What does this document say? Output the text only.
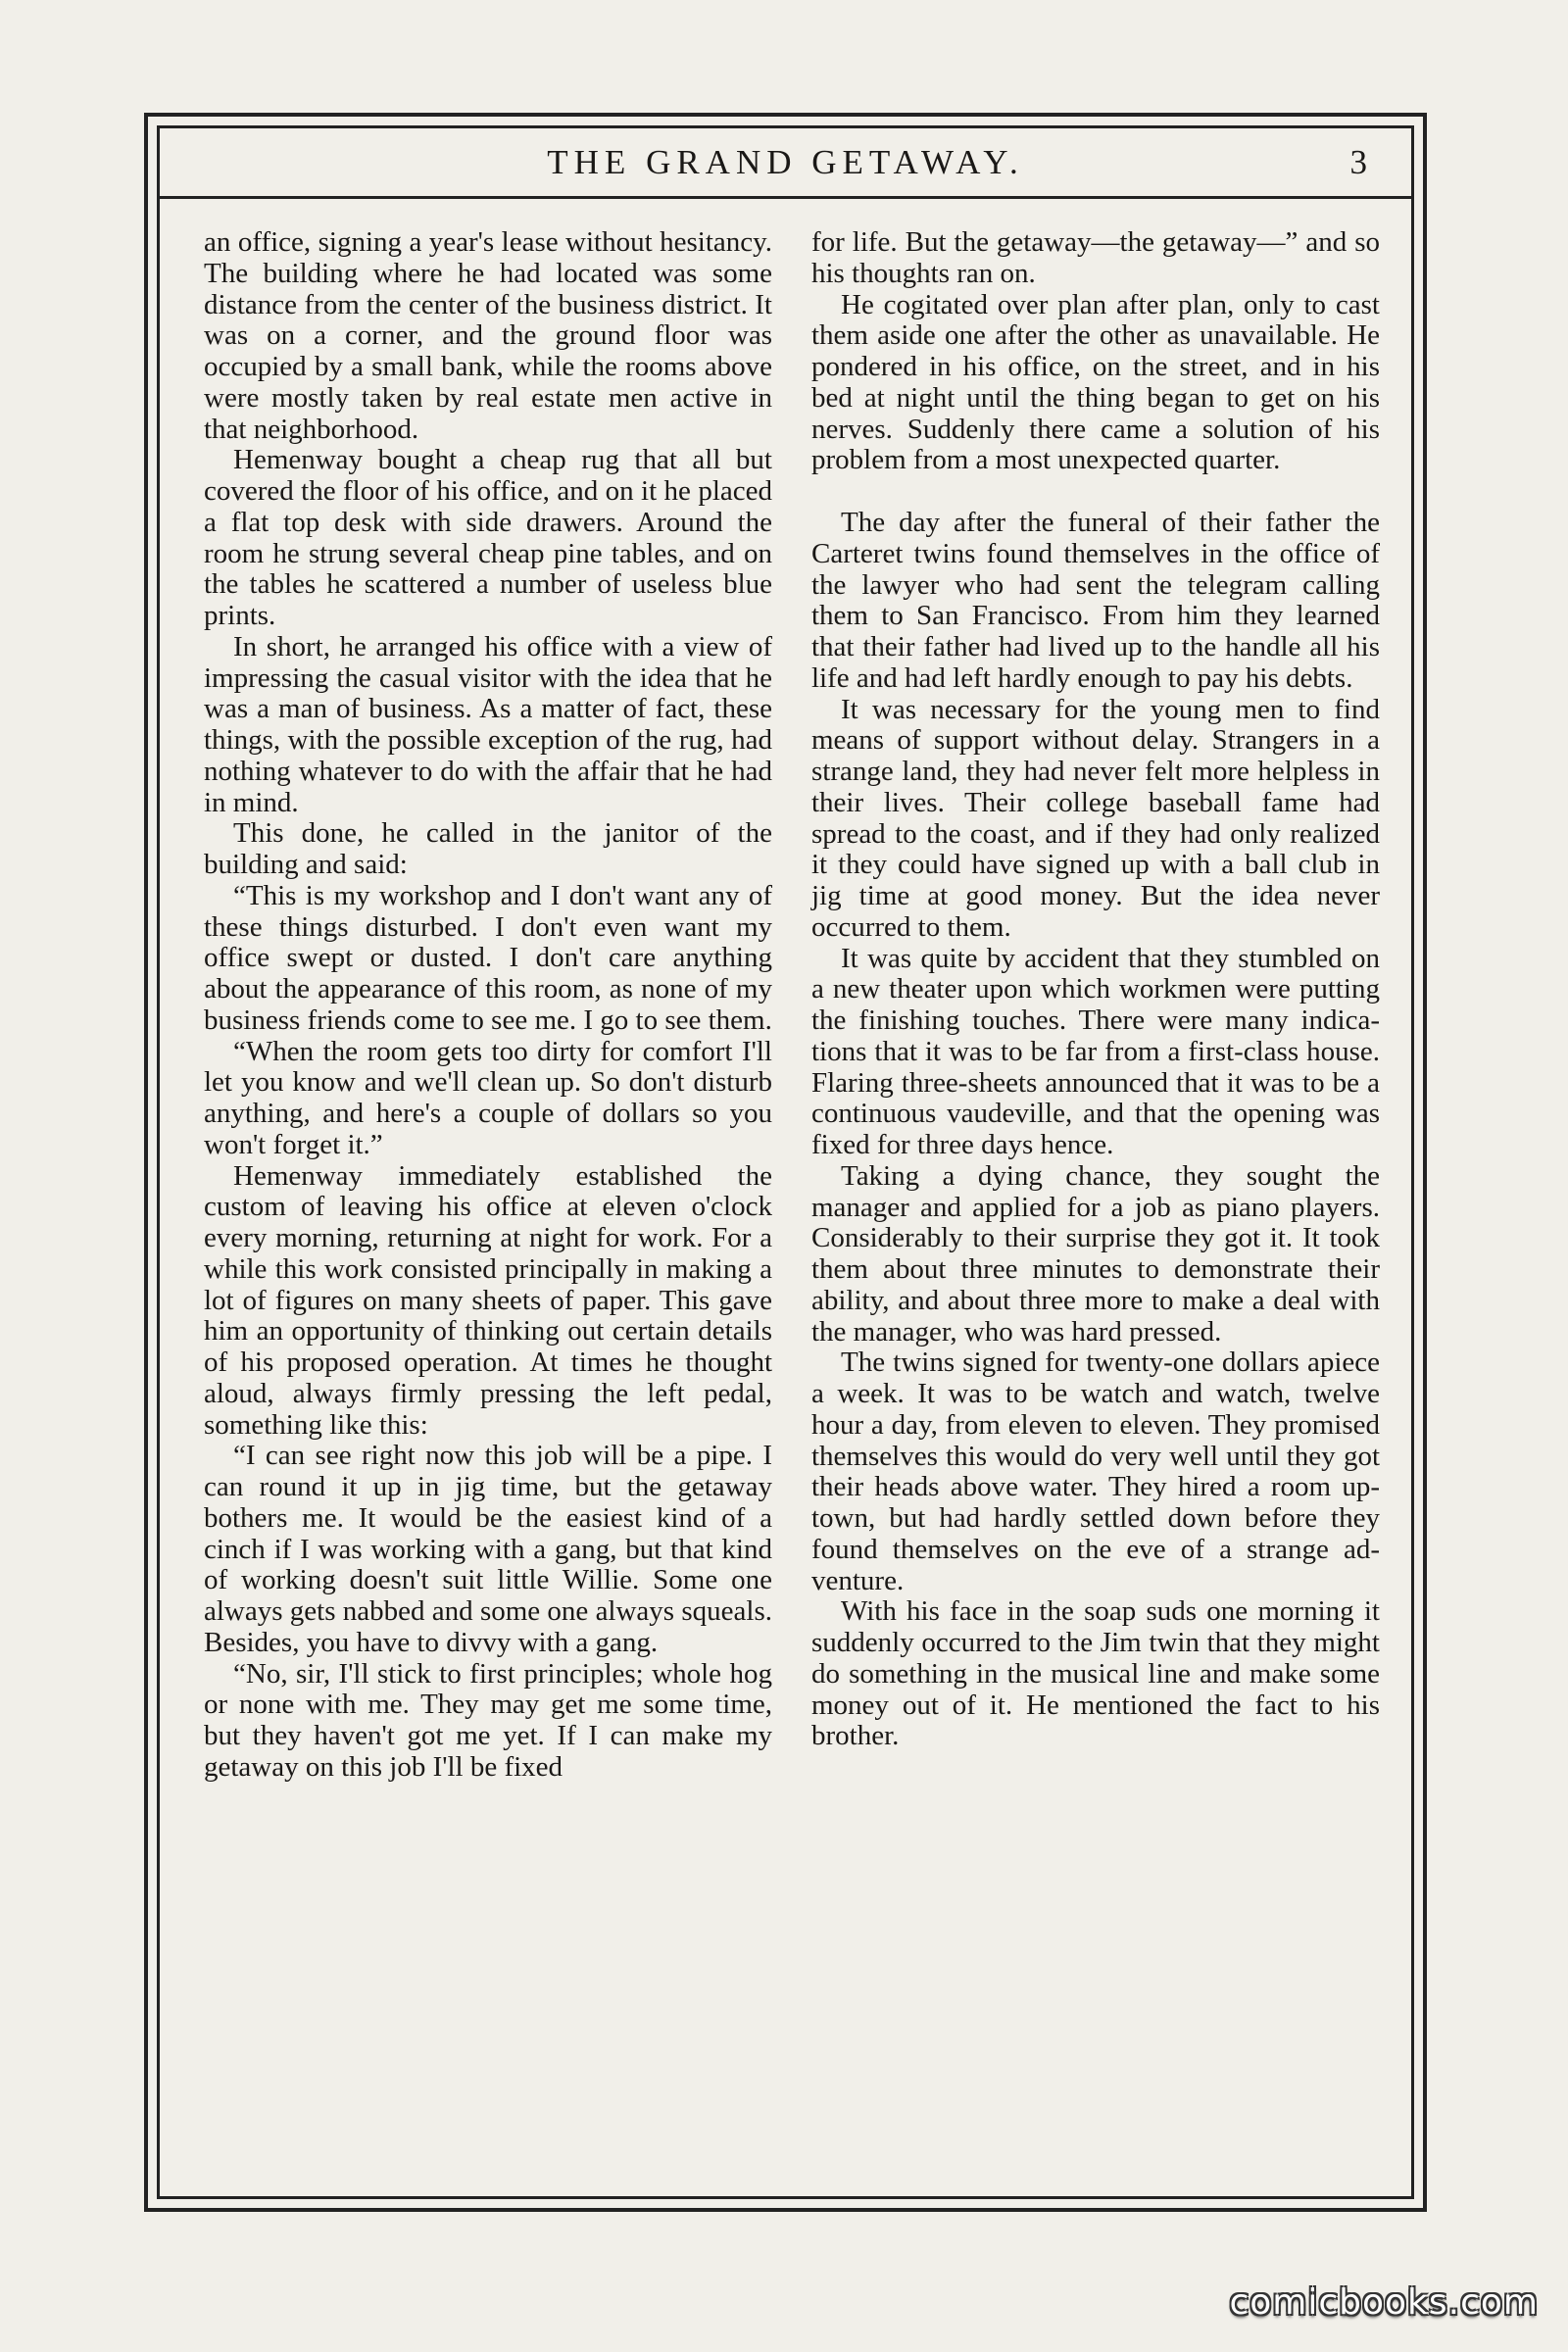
THE GRAND GETAWAY.	3

an office, signing a year's lease without hesitancy. The building where he had located was some distance from the center of the business district. It was on a corner, and the ground floor was occupied by a small bank, while the rooms above were mostly taken by real estate men active in that neighborhood.

Hemenway bought a cheap rug that all but covered the floor of his office, and on it he placed a flat top desk with side drawers. Around the room he strung several cheap pine tables, and on the tables he scattered a number of useless blue prints.

In short, he arranged his office with a view of impressing the casual visitor with the idea that he was a man of business. As a matter of fact, these things, with the possible exception of the rug, had nothing whatever to do with the affair that he had in mind.

This done, he called in the janitor of the building and said:

“This is my workshop and I don't want any of these things disturbed. I don't even want my office swept or dusted. I don't care anything about the appearance of this room, as none of my business friends come to see me. I go to see them.

“When the room gets too dirty for comfort I'll let you know and we'll clean up. So don't disturb anything, and here's a couple of dollars so you won't forget it.”

Hemenway immediately established the custom of leaving his office at eleven o'clock every morning, returning at night for work. For a while this work consisted principally in making a lot of figures on many sheets of paper. This gave him an opportunity of thinking out certain details of his proposed operation. At times he thought aloud, always firmly pressing the left pedal, something like this:

“I can see right now this job will be a pipe. I can round it up in jig time, but the getaway bothers me. It would be the easiest kind of a cinch if I was working with a gang, but that kind of working doesn't suit little Willie. Some one always gets nabbed and some one always squeals. Besides, you have to divvy with a gang.

“No, sir, I'll stick to first principles; whole hog or none with me. They may get me some time, but they haven't got me yet. If I can make my getaway on this job I'll be fixed

for life. But the getaway—the getaway—” and so his thoughts ran on.

He cogitated over plan after plan, only to cast them aside one after the other as unavailable. He pondered in his office, on the street, and in his bed at night until the thing began to get on his nerves. Suddenly there came a solution of his problem from a most unexpected quarter.

The day after the funeral of their father the Carteret twins found themselves in the office of the lawyer who had sent the telegram calling them to San Francisco. From him they learned that their father had lived up to the handle all his life and had left hardly enough to pay his debts.

It was necessary for the young men to find means of support without delay. Strangers in a strange land, they had never felt more helpless in their lives. Their college baseball fame had spread to the coast, and if they had only realized it they could have signed up with a ball club in jig time at good money. But the idea never occurred to them.

It was quite by accident that they stumbled on a new theater upon which workmen were putting the finishing touches. There were many indications that it was to be far from a first-class house. Flaring three-sheets announced that it was to be a continuous vaudeville, and that the opening was fixed for three days hence.

Taking a dying chance, they sought the manager and applied for a job as piano players. Considerably to their surprise they got it. It took them about three minutes to demonstrate their ability, and about three more to make a deal with the manager, who was hard pressed.

The twins signed for twenty-one dollars apiece a week. It was to be watch and watch, twelve hour a day, from eleven to eleven. They promised themselves this would do very well until they got their heads above water. They hired a room up-town, but had hardly settled down before they found themselves on the eve of a strange adventure.

With his face in the soap suds one morning it suddenly occurred to the Jim twin that they might do something in the musical line and make some money out of it. He mentioned the fact to his brother.

comicbooks.com
